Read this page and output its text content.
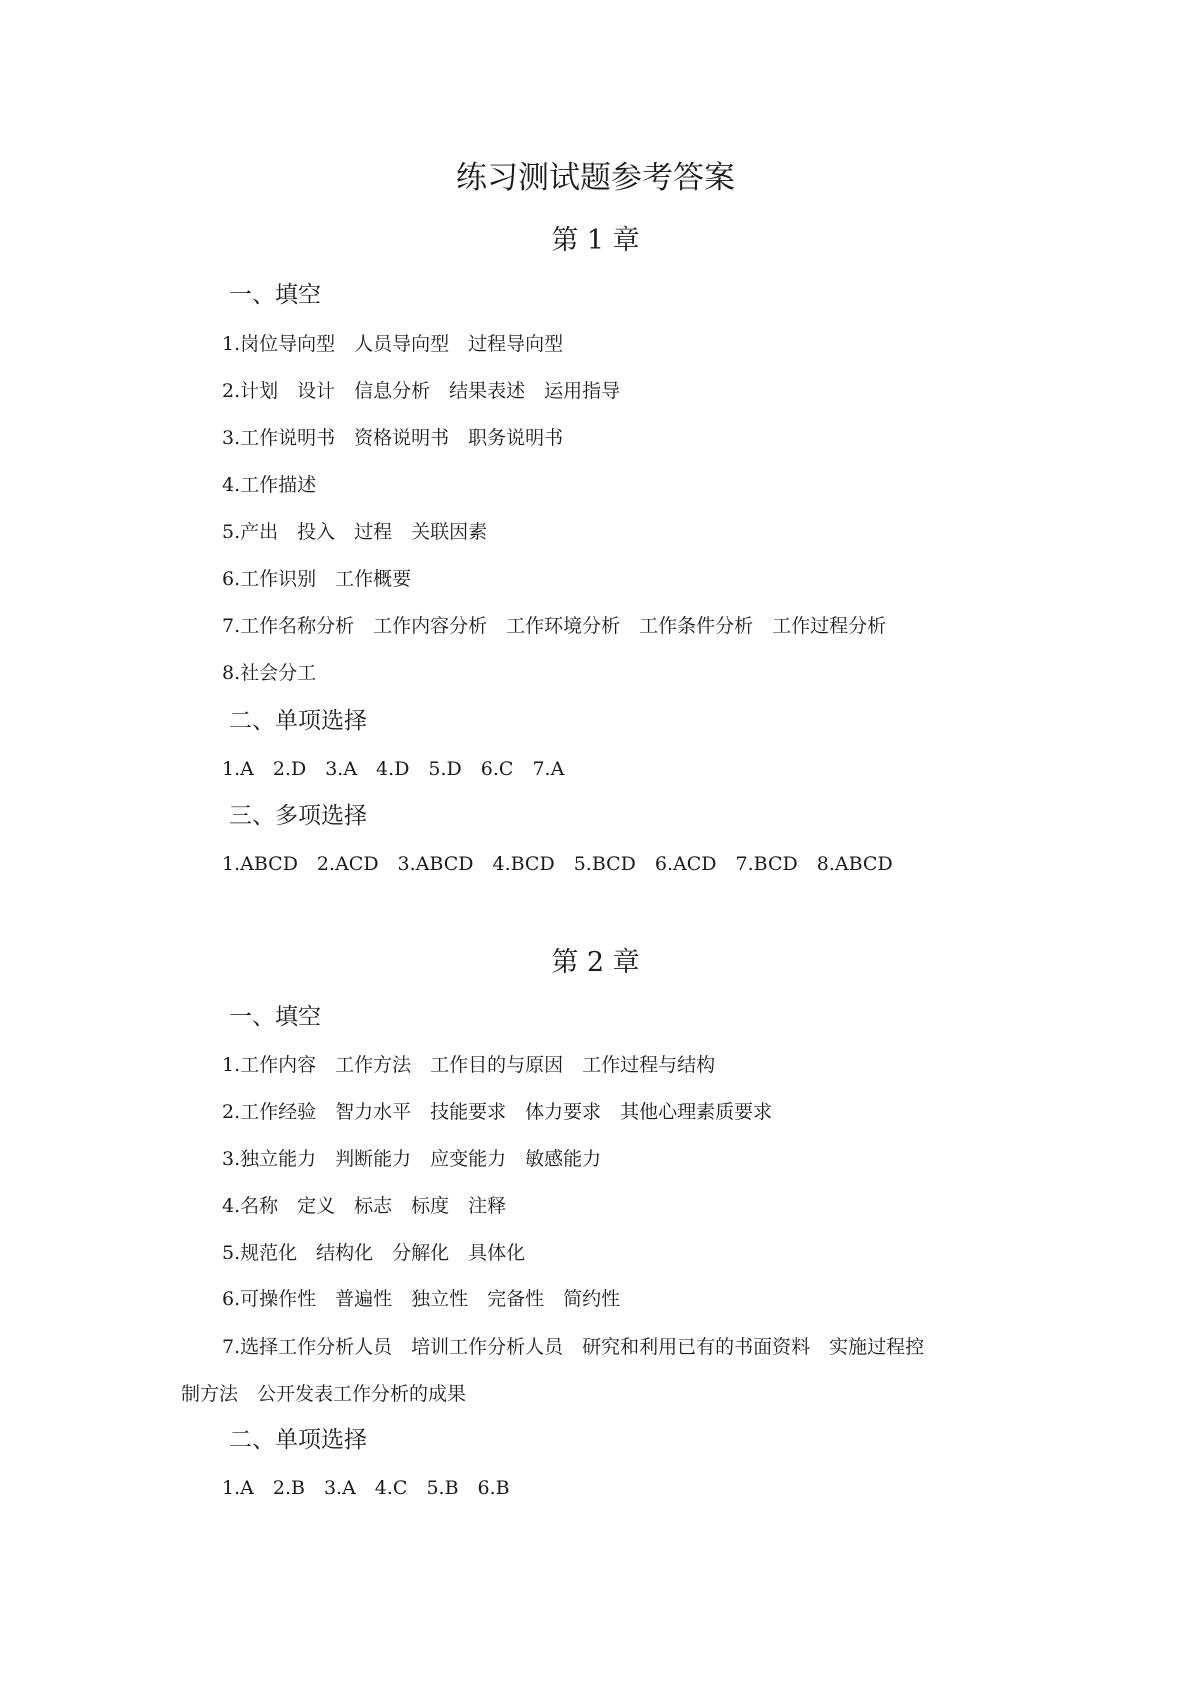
练习测试题参考答案
第 1 章
一、填空
1.岗位导向型　人员导向型　过程导向型
2.计划　设计　信息分析　结果表述　运用指导
3.工作说明书　资格说明书　职务说明书
4.工作描述
5.产出　投入　过程　关联因素
6.工作识别　工作概要
7.工作名称分析　工作内容分析　工作环境分析　工作条件分析　工作过程分析
8.社会分工
二、单项选择
1.A　2.D　3.A　4.D　5.D　6.C　7.A
三、多项选择
1.ABCD　2.ACD　3.ABCD　4.BCD　5.BCD　6.ACD　7.BCD　8.ABCD
第 2 章
一、填空
1.工作内容　工作方法　工作目的与原因　工作过程与结构
2.工作经验　智力水平　技能要求　体力要求　其他心理素质要求
3.独立能力　判断能力　应变能力　敏感能力
4.名称　定义　标志　标度　注释
5.规范化　结构化　分解化　具体化
6.可操作性　普遍性　独立性　完备性　简约性
7.选择工作分析人员　培训工作分析人员　研究和利用已有的书面资料　实施过程控
制方法　公开发表工作分析的成果
二、单项选择
1.A　2.B　3.A　4.C　5.B　6.B
